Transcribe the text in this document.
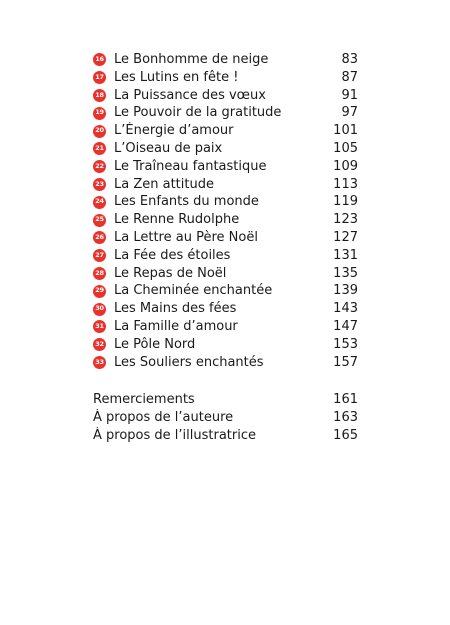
16 Le Bonhomme de neige	83
17 Les Lutins en fête !	87
18 La Puissance des vœux	91
19 Le Pouvoir de la gratitude	97
20 L’Énergie d’amour	101
21 L’Oiseau de paix	105
22 Le Traîneau fantastique	109
23 La Zen attitude	113
24 Les Enfants du monde	119
25 Le Renne Rudolphe	123
26 La Lettre au Père Noël	127
27 La Fée des étoiles	131
28 Le Repas de Noël	135
29 La Cheminée enchantée	139
30 Les Mains des fées	143
31 La Famille d’amour	147
32 Le Pôle Nord	153
33 Les Souliers enchantés	157
Remerciements	161
À propos de l’auteure	163
À propos de l’illustratrice	165
